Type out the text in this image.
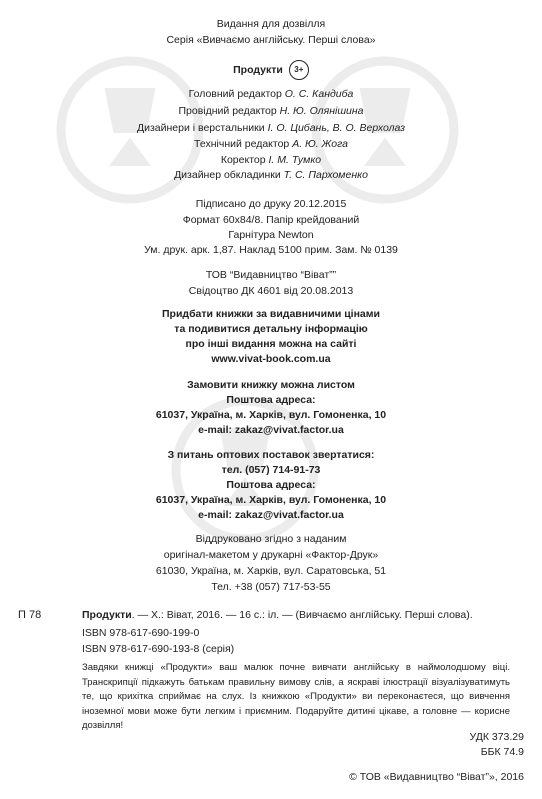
Видання для дозвілля
Серія «Вивчаємо англійську. Перші слова»
Продукти 3+
Головний редактор О. С. Кандиба
Провідний редактор Н. Ю. Олянішина
Дизайнери і верстальники І. О. Цибань, В. О. Верхолаз
Технічний редактор А. Ю. Жога
Коректор І. М. Тумко
Дизайнер обкладинки Т. С. Пархоменко
Підписано до друку 20.12.2015
Формат 60х84/8. Папір крейдований
Гарнітура Newton
Ум. друк. арк. 1,87. Наклад 5100 прим. Зам. № 0139
ТОВ “Видавництво “Віват””
Свідоцтво ДК 4601 від 20.08.2013
Придбати книжки за видавничими цінами
та подивитися детальну інформацію
про інші видання можна на сайті
www.vivat-book.com.ua
Замовити книжку можна листом
Поштова адреса:
61037, Україна, м. Харків, вул. Гомоненка, 10
e-mail: zakaz@vivat.factor.ua
З питань оптових поставок звертатися:
тел. (057) 714-91-73
Поштова адреса:
61037, Україна, м. Харків, вул. Гомоненка, 10
e-mail: zakaz@vivat.factor.ua
Віддруковано згідно з наданим
оригінал-макетом у друкарні «Фактор-Друк»
61030, Україна, м. Харків, вул. Саратовська, 51
Тел. +38 (057) 717-53-55
П 78	Продукти. — Х.: Віват, 2016. — 16 с.: іл. — (Вивчаємо англійську. Перші слова).
ISBN 978-617-690-199-0
ISBN 978-617-690-193-8 (серія)
Завдяки книжці «Продукти» ваш малюк почне вивчати англійську в наймолодшому віці. Транскрипції підкажуть батькам правильну вимову слів, а яскраві ілюстрації візуалізуватимуть те, що крихітка сприймає на слух. Із книжкою «Продукти» ви переконаєтеся, що вивчення іноземної мови може бути легким і приємним. Подаруйте дитині цікаве, а головне — корисне дозвілля!
УДК 373.29
ББК 74.9
© ТОВ «Видавництво “Віват”», 2016
